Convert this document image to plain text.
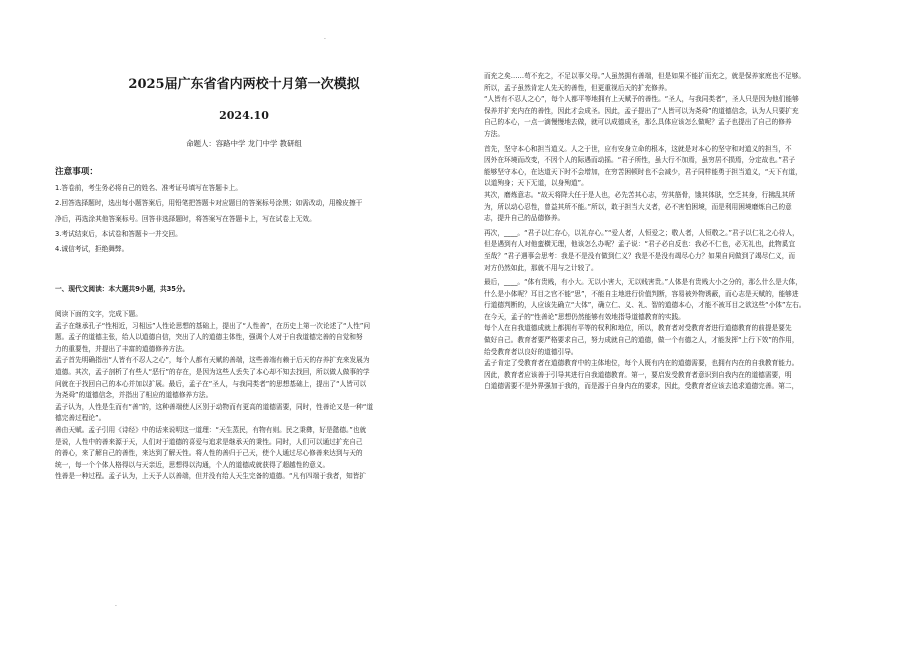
·
·
2025届广东省省内两校十月第一次模拟
2024.10
命题人：容路中学 龙门中学 教研组
注意事项：

1.答卷前，考生务必将自己的姓名、准考证号填写在答题卡上。

2.回答选择题时，选出每小题答案后，用铅笔把答题卡对应题目的答案标号涂黑；如需改动，用橡皮擦干

净后，再选涂其他答案标号。回答非选择题时，将答案写在答题卡上，写在试卷上无效。

3.考试结束后，本试卷和答题卡一并交回。

4.诚信考试，拒绝舞弊。

一、现代文阅读：本大题共9小题，共35分。

阅读下面的文字，完成下题。

孟子在继承孔子“性相近，习相远”人性论思想的基础上，提出了“人性善”，在历史上第一次论述了“人性”问

题。孟子的道德主张，给人以道德自信，突出了人的道德主体性，强调个人对于自我道德完善的自觉和努

力的重要性，并提出了丰富的道德修养方法。

孟子首先明确指出“人皆有不忍人之心”，每个人都有天赋的善端，这些善端有赖于后天的存养扩充来发展为

道德。其次，孟子剖析了有些人“恶行”的存在，是因为这些人丢失了本心却不知去找回，所以做人做事的学

问就在于找回自己的本心并加以扩展。最后，孟子在“圣人，与我同类者”的思想基础上，提出了“人皆可以

为尧舜”的道德信念，并指出了相应的道德修养方法。

孟子认为，人性是生而有“善”的，这种善端使人区别于动物而有更高的道德需要，同时，性善论又是一种“道

德完善过程论”。

善由天赋。孟子引用《诗经》中的话来说明这一道理：“天生蒸民，有物有则。民之秉彝，好是懿德。”也就

是说，人性中的善来源于天，人们对于道德的喜爱与追求是继承天的秉性。同时，人们可以通过扩充自己

的善心，来了解自己的善性，来达到了解天性。将人性的善归于己天，使个人通过尽心修善来达到与天的

统一，每一个个体人格得以与天亲近，思想得以沟通，个人的道德成就获得了超越性的意义。

性善是一种过程。孟子认为，上天予人以善端，但并没有给人天生完备的道德。“凡有四端于我者，知皆扩

而充之矣……苟不充之，不足以事父母。”人虽然拥有善端，但是如果不能扩而充之，就是保养家庭也不足够。

所以，孟子虽然肯定人先天的善性，但更重视后天的扩充修养。

“人皆有不忍人之心”，每个人都平等地拥有上天赋予的善性。“圣人，与我同类者”，圣人只是因为他们能够

保养并扩充内在的善性，因此才会成圣。因此，孟子提出了“人皆可以为尧舜”的道德信念，认为人只要扩充

自己的本心，一点一滴慢慢地去做，就可以成德成圣，那么具体应该怎么做呢？孟子也提出了自己的修养

方法。

首先，坚守本心和担当道义。人之于世，应有安身立命的根本，这就是对本心的坚守和对道义的担当，不

因外在环境而改变，不因个人的际遇而动摇。“君子所性，虽大行不加焉，虽穷居不损焉，分定故也。”君子

能够坚守本心，在达道天下时不会增加，在穷苦困顿时也不会减少，君子同样能勇于担当道义，“天下有道，

以道殉身；天下无道，以身殉道”。

其次，磨炼意志。“故天将降大任于是人也，必先苦其心志，劳其筋骨，饿其体肤，空乏其身，行拂乱其所

为，所以动心忍性，曾益其所不能。”所以，敢于担当大义者，必不害怕困境，而是利用困境磨炼自己的意

志，提升自己的品德修养。

再次，____。“君子以仁存心，以礼存心。”“爱人者，人恒爱之；敬人者，人恒敬之。”君子以仁礼之心待人，

但是遇到有人对他蛮横无理，他该怎么办呢？孟子说：“君子必自反也：我必不仁也，必无礼也，此物奚宜

至哉？”君子遇事会思考：我是不是没有做到仁义？我是不是没有竭尽心力？如果自问做到了竭尽仁义，而

对方仍然如此，那就不用与之计较了。

最后，____。“体有贵贱，有小大。无以小害大，无以贱害贵。”人体是有贵贱大小之分的，那么什么是大体，

什么是小体呢？耳目之官不能“思”，不能自主地进行价值判断，容易被外物诱蔽，而心志是天赋的，能够进

行道德判断的，人应该先确立“大体”，确立仁、义、礼、智的道德本心，才能不被耳目之欲这些“小体”左右。

在今天，孟子的“性善论”思想仍然能够有效地指导道德教育的实践。

每个人在自我道德成就上都拥有平等的权利和地位，所以，教育者对受教育者进行道德教育的前提是要先

做好自己。教育者要严格要求自己，努力成就自己的道德，做一个有德之人，才能发挥“上行下效”的作用，

给受教育者以良好的道德引导。

孟子肯定了受教育者在道德教育中的主体地位，每个人既有内在的道德需要，也拥有内在的自我教育能力。

因此，教育者应该善于引导其进行自我道德教育。第一，要启发受教育者意识到自我内在的道德需要，明

白道德需要不是外界强加于我的，而是源于自身内在的要求，因此，受教育者应该去追求道德完善。第二，
